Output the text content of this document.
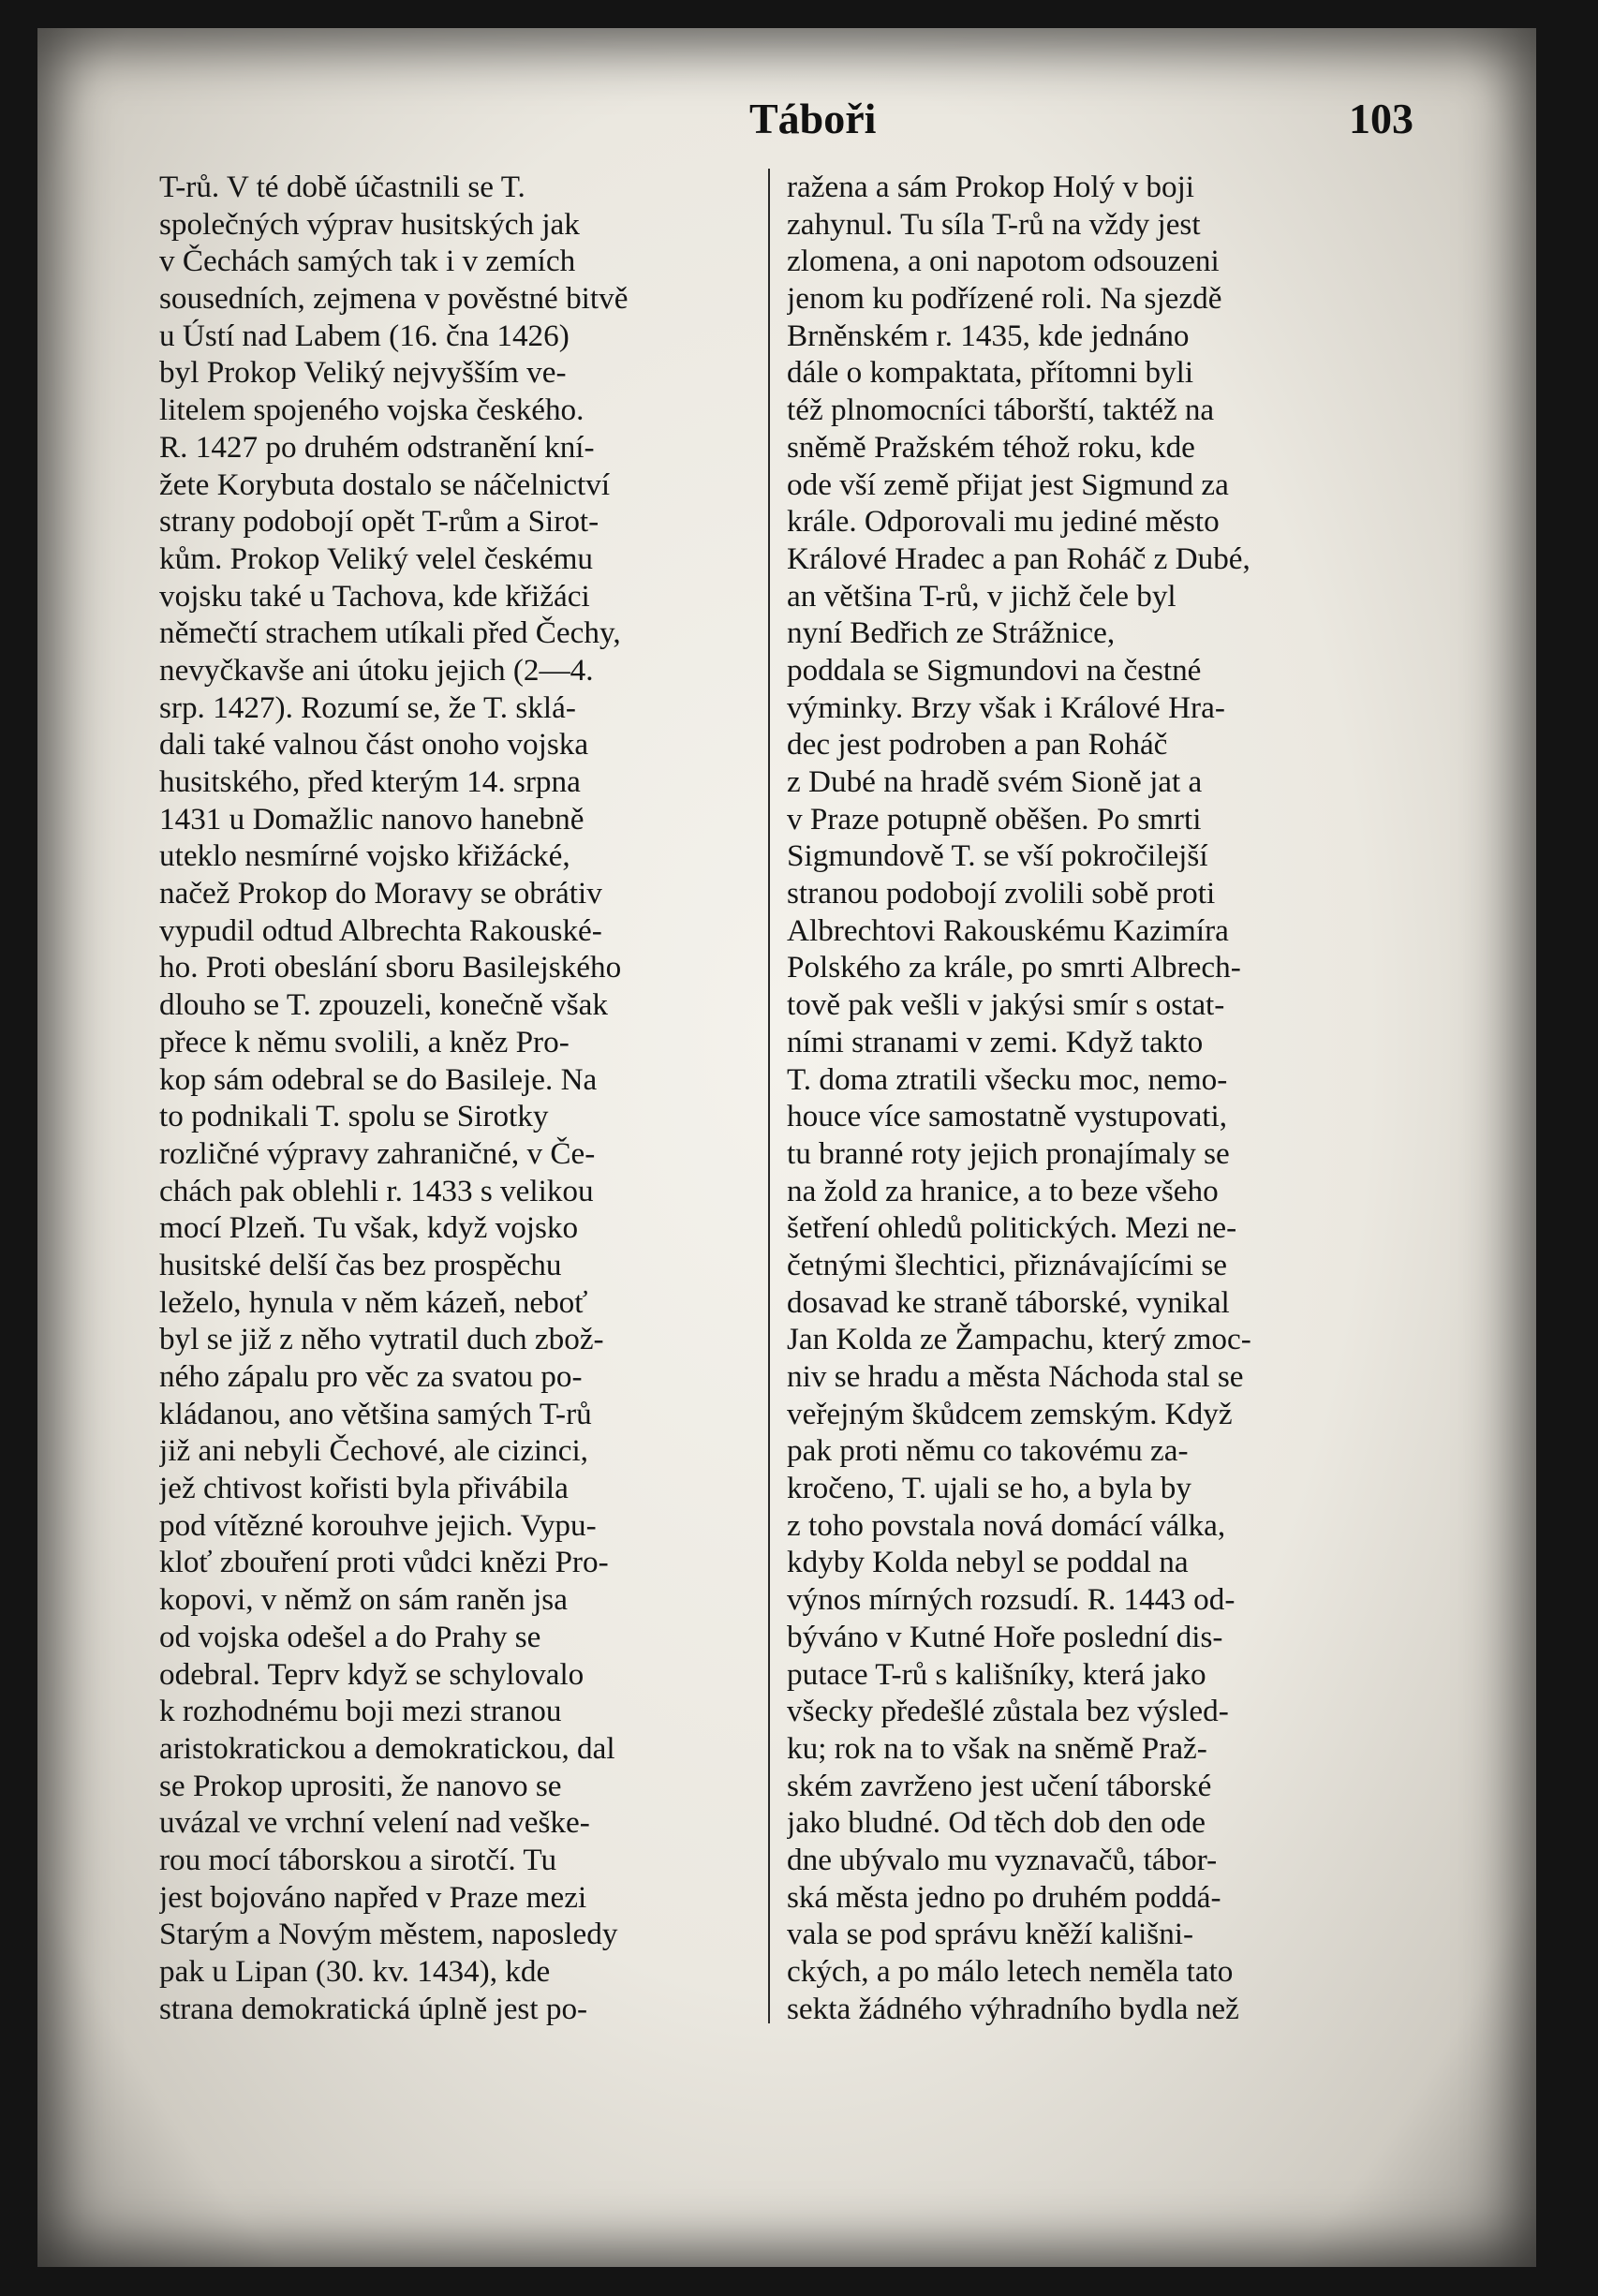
Táboři	103
T-rů. V té době účastnili se T.
společných výprav husitských jak
v Čechách samých tak i v zemích
sousedních, zejmena v pověstné bitvě
u Ústí nad Labem (16. čna 1426)
byl Prokop Veliký nejvyšším ve-
litelem spojeného vojska českého.
R. 1427 po druhém odstranění kní-
žete Korybuta dostalo se náčelnictví
strany podobojí opět T-rům a Sirot-
kům. Prokop Veliký velel českému
vojsku také u Tachova, kde křižáci
němečtí strachem utíkali před Čechy,
nevyčkavše ani útoku jejich (2—4.
srp. 1427). Rozumí se, že T. sklá-
dali také valnou část onoho vojska
husitského, před kterým 14. srpna
1431 u Domažlic nanovo hanebně
uteklo nesmírné vojsko křižácké,
načež Prokop do Moravy se obrátiv
vypudil odtud Albrechta Rakouské-
ho. Proti obeslání sboru Basilejského
dlouho se T. zpouzeli, konečně však
přece k němu svolili, a kněz Pro-
kop sám odebral se do Basileje. Na
to podnikali T. spolu se Sirotky
rozličné výpravy zahraničné, v Če-
chách pak oblehli r. 1433 s velikou
mocí Plzeň. Tu však, když vojsko
husitské delší čas bez prospěchu
leželo, hynula v něm kázeň, neboť
byl se již z něho vytratil duch zbož-
ného zápalu pro věc za svatou po-
kládanou, ano většina samých T-rů
již ani nebyli Čechové, ale cizinci,
jež chtivost kořisti byla přivábila
pod vítězné korouhve jejich. Vypu-
kloť zbouření proti vůdci knězi Pro-
kopovi, v němž on sám raněn jsa
od vojska odešel a do Prahy se
odebral. Teprv když se schylovalo
k rozhodnému boji mezi stranou
aristokratickou a demokratickou, dal
se Prokop uprositi, že nanovo se
uvázal ve vrchní velení nad veške-
rou mocí táborskou a sirotčí. Tu
jest bojováno napřed v Praze mezi
Starým a Novým městem, naposledy
pak u Lipan (30. kv. 1434), kde
strana demokratická úplně jest po-
ražena a sám Prokop Holý v boji
zahynul. Tu síla T-rů na vždy jest
zlomena, a oni napotom odsouzeni
jenom ku podřízené roli. Na sjezdě
Brněnském r. 1435, kde jednáno
dále o kompaktata, přítomni byli
též plnomocníci táborští, taktéž na
sněmě Pražském téhož roku, kde
ode vší země přijat jest Sigmund za
krále. Odporovali mu jediné město
Králové Hradec a pan Roháč z Dubé,
an většina T-rů, v jichž čele byl
nyní Bedřich ze Strážnice,
poddala se Sigmundovi na čestné
výminky. Brzy však i Králové Hra-
dec jest podroben a pan Roháč
z Dubé na hradě svém Sioně jat a
v Praze potupně oběšen. Po smrti
Sigmundově T. se vší pokročilejší
stranou podobojí zvolili sobě proti
Albrechtovi Rakouskému Kazimíra
Polského za krále, po smrti Albrech-
tově pak vešli v jakýsi smír s ostat-
ními stranami v zemi. Když takto
T. doma ztratili všecku moc, nemo-
houce více samostatně vystupovati,
tu branné roty jejich pronajímaly se
na žold za hranice, a to beze všeho
šetření ohledů politických. Mezi ne-
četnými šlechtici, přiznávajícími se
dosavad ke straně táborské, vynikal
Jan Kolda ze Žampachu, který zmoc-
niv se hradu a města Náchoda stal se
veřejným škůdcem zemským. Když
pak proti němu co takovému za-
kročeno, T. ujali se ho, a byla by
z toho povstala nová domácí válka,
kdyby Kolda nebyl se poddal na
výnos mírných rozsudí. R. 1443 od-
býváno v Kutné Hoře poslední dis-
putace T-rů s kališníky, která jako
všecky předešlé zůstala bez výsled-
ku; rok na to však na sněmě Praž-
ském zavrženo jest učení táborské
jako bludné. Od těch dob den ode
dne ubývalo mu vyznavačů, tábor-
ská města jedno po druhém poddá-
vala se pod správu kněží kališni-
ckých, a po málo letech neměla tato
sekta žádného výhradního bydla než
